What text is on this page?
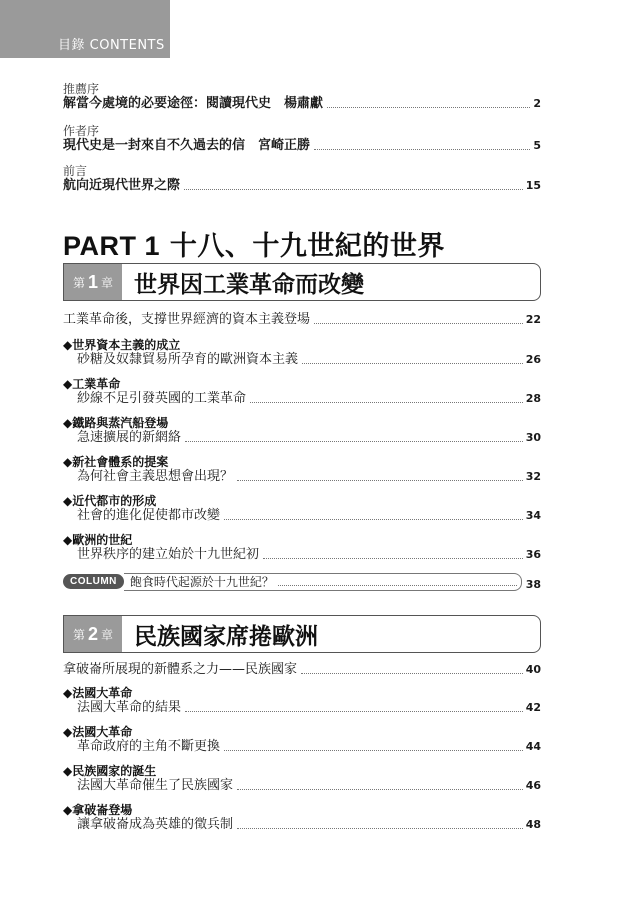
目錄 CONTENTS
推薦序
解當今處境的必要途徑：閱讀現代史　楊肅獻	2
作者序
現代史是一封來自不久過去的信　宮崎正勝	5
前言
航向近現代世界之際	15
PART 1 十八、十九世紀的世界
第 1 章 世界因工業革命而改變
工業革命後，支撐世界經濟的資本主義登場	22
◆世界資本主義的成立
砂糖及奴隸貿易所孕育的歐洲資本主義	26
◆工業革命
紗線不足引發英國的工業革命	28
◆鐵路與蒸汽船登場
急速擴展的新網絡	30
◆新社會體系的提案
為何社會主義思想會出現？	32
◆近代都市的形成
社會的進化促使都市改變	34
◆歐洲的世紀
世界秩序的建立始於十九世紀初	36
COLUMN	飽食時代起源於十九世紀？	38
第 2 章 民族國家席捲歐洲
拿破崙所展現的新體系之力——民族國家	40
◆法國大革命
法國大革命的結果	42
◆法國大革命
革命政府的主角不斷更換	44
◆民族國家的誕生
法國大革命催生了民族國家	46
◆拿破崙登場
讓拿破崙成為英雄的徵兵制	48
